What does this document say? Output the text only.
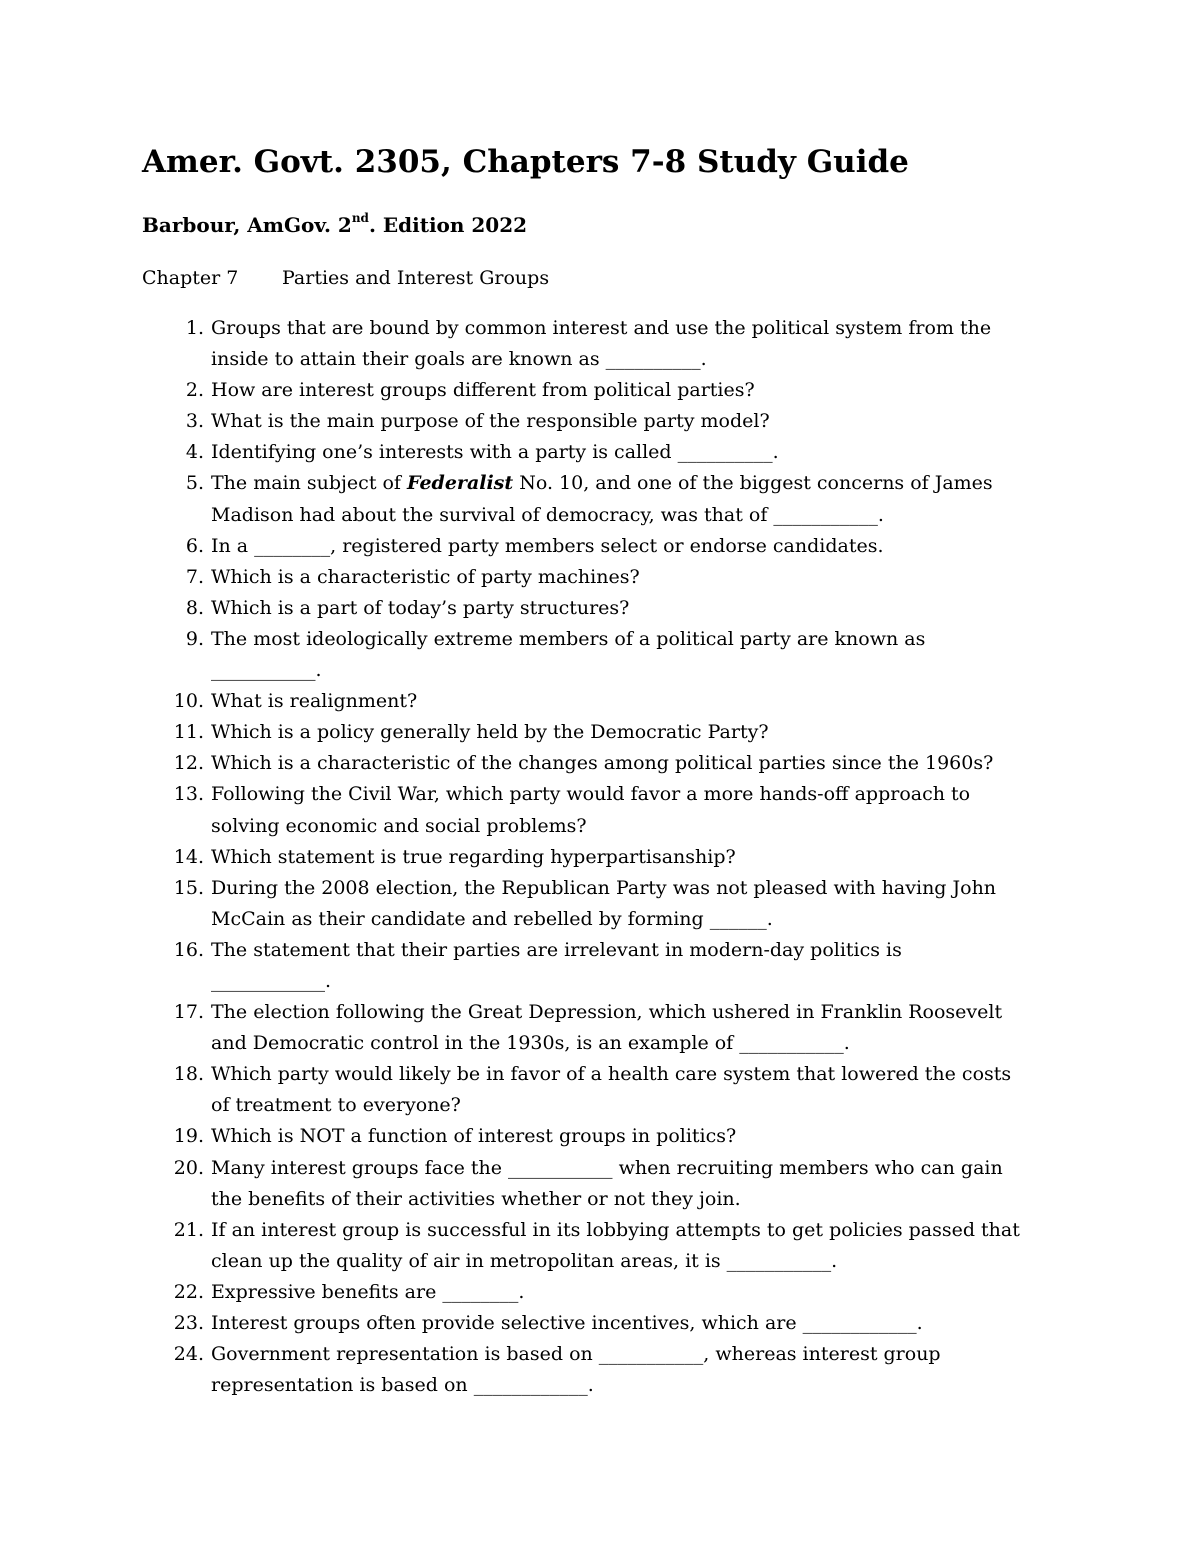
Amer. Govt. 2305, Chapters 7-8 Study Guide

Barbour, AmGov. 2nd. Edition 2022

Chapter 7 Parties and Interest Groups
1. Groups that are bound by common interest and use the political system from the
inside to attain their goals are known as __________.
2. How are interest groups different from political parties?
3. What is the main purpose of the responsible party model?
4. Identifying one’s interests with a party is called __________.
5. The main subject of Federalist No. 10, and one of the biggest concerns of James
Madison had about the survival of democracy, was that of ___________.
6. In a ________, registered party members select or endorse candidates.
7. Which is a characteristic of party machines?
8. Which is a part of today’s party structures?
9. The most ideologically extreme members of a political party are known as
___________.
10. What is realignment?
11. Which is a policy generally held by the Democratic Party?
12. Which is a characteristic of the changes among political parties since the 1960s?
13. Following the Civil War, which party would favor a more hands-off approach to
solving economic and social problems?
14. Which statement is true regarding hyperpartisanship?
15. During the 2008 election, the Republican Party was not pleased with having John
McCain as their candidate and rebelled by forming ______.
16. The statement that their parties are irrelevant in modern-day politics is
____________.
17. The election following the Great Depression, which ushered in Franklin Roosevelt
and Democratic control in the 1930s, is an example of ___________.
18. Which party would likely be in favor of a health care system that lowered the costs
of treatment to everyone?
19. Which is NOT a function of interest groups in politics?
20. Many interest groups face the ___________ when recruiting members who can gain
the benefits of their activities whether or not they join.
21. If an interest group is successful in its lobbying attempts to get policies passed that
clean up the quality of air in metropolitan areas, it is ___________.
22. Expressive benefits are ________.
23. Interest groups often provide selective incentives, which are ____________.
24. Government representation is based on ___________, whereas interest group
representation is based on ____________.
